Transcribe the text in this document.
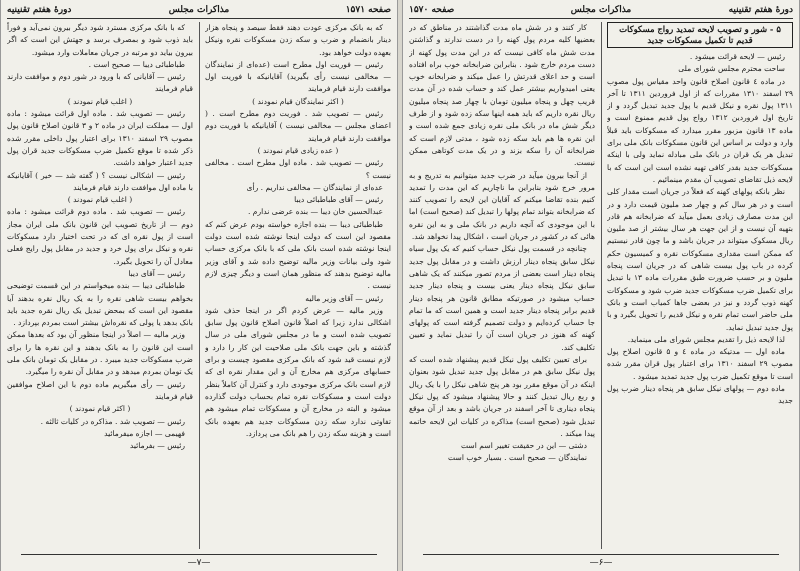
صفحه ۱۵۷۱
مذاکرات مجلس
دورهٔ هفتم تقنینیه

که به بانک مرکزی عودت دهند فقط سیصد و پنجاه هزار دینار بانضمام و ضرب و سکه زدن مسکوکات نقره ونیکل بعهده دولت خواهد بود.

رئیس — فوریت اول مطرح است (عده‌ای از نمایندگان — مخالفی نیست رأی بگیرید) آقایانیکه با فوریت اول موافقت دارند قیام فرمایند

( اکثر نمایندگان قیام نمودند )

رئیس — تصویب شد . فوریت دوم مطرح است . ( اعضای مجلس — مخالفی نیست ) آقایانیکه با فوریت دوم موافقت دارند قیام فرمایند

( عده زیادی قیام نمودند )

رئیس — تصویب شد . ماده اول مطرح است . مخالفی نیست ؟

عده‌ای از نمایندگان — مخالفی نداریم . رأی

رئیس — آقای طباطبائی دیبا

عبدالحسین خان دیبا — بنده عرضی ندارم .

طباطبائی دیبا — بنده اجازه خواسته بودم عرض کنم که مقصود این است که دولت اینجا نوشته شده است دولت اینجا نوشته شده است بانک ملی که با بانک مرکزی حساب شود ولی بیانات وزیر مالیه توضیح داده شد و آقای وزیر مالیه توضیح بدهند که منظور همان است و دیگر چیزی لازم نیست .

رئیس — آقای وزیر مالیه

وزیر مالیه — عرض کردم اگر در اینجا حذف شود اشکالی ندارد زیرا که اصلاً قانون اصلاح قانون پول سابق تصویب شده است و ما در مجلس شورای ملی در سال گذشته و باین جهت بانک ملی صلاحیت این کار را دارد و لازم نیست قید شود که بانک مرکزی مقصود چیست و برای حسابهای مرکزی هم مخارج آن و این مقدار نقره ای که لازم است بانک مرکزی موجودی دارد و کنترل آن کاملاً بنظر دولت است و مسکوکات نقره تمام بحساب دولت گذارده میشود و البته در مخارج آن و مسکوکات تمام میشود هم تفاوتی ندارد سکه زدن مسکوکات جدید هم بعهده بانک است و هزینه سکه زدن را هم بانک می پردازد.

که با بانک مرکزی مسترد شود دیگر بیرون نمی‌آید و فوراً باید ذوب شود و بمصرف برسد و جهتش این است که اگر بیرون بیاید دو مرتبه در جریان معاملات وارد میشود.

طباطبائی دیبا — صحیح است .

رئیس — آقایانی که با ورود در شور دوم و موافقت دارند قیام فرمایند

( اغلب قیام نمودند )

رئیس — تصویب شد . ماده اول قرائت میشود : ماده اول — مملکت ایران در ماده ۲ و ۳ قانون اصلاح قانون پول مصوب ۲۹ اسفند ۱۳۱۰ برای اعتبار پول داخلی مقرر شده ذکر شده تا موقع تکمیل ضرب مسکوکات جدید قران پول جدید اعتبار خواهد داشت.

رئیس — اشکالی نیست ؟ ( گفته شد — خیر ) آقایانیکه با ماده اول موافقت دارند قیام فرمایند

( اغلب قیام نمودند )

رئیس — تصویب شد . ماده دوم قرائت میشود : ماده دوم — از تاریخ تصویب این قانون بانک ملی ایران مجاز است از پول نقره ای که در تحت اختیار دارد مسکوکات نقره و نیکل برای پول خرد و جدید در مقابل پول رایج فعلی معادل آن را تحویل بگیرد.

رئیس — آقای دیبا

طباطبائی دیبا — بنده میخواستم در این قسمت توضیحی بخواهم بیست شاهی نقره را به یک ریال نقره بدهند آیا مقصود این است که بمحض تبدیل یک ریال نقره جدید باید بانک بدهد یا پولی که نقره‌اش بیشتر است بمردم بپردازد .

وزیر مالیه — اصلاً در اینجا منظور آن بود که بعدها ممکن است این قانون را به بانک بدهند و این نقره ها را برای ضرب مسکوکات جدید میبرد . در مقابل یک تومان بانک ملی یک تومان بمردم میدهد و در مقابل آن نقره را میگیرد.

رئیس — رأی میگیریم ماده دوم با این اصلاح موافقین قیام فرمایند

( اکثر قیام نمودند )

رئیس — تصویب شد . مذاکره در کلیات ثالثه .

فهیمی — اجازه میفرمائید

رئیس — بفرمائید

—۷—
دورهٔ هفتم تقنینیه
مذاکرات مجلس
صفحه ۱۵۷۰
۵ - شور و تصویب لایحه تمدید رواج مسکوکات قدیم تا تکمیل مسکوکات جدید

رئیس — لایحه قرائت میشود .

ساحت محترم مجلس شورای ملی

در ماده ٤ قانون اصلاح قانون واحد مقیاس پول مصوب ۲۹ اسفند ۱۳۱۰ مقررات که از اول فروردین ۱۳۱۱ تا آخر ۱۳۱۱ پول نقره و نیکل قدیم با پول جدید تبدیل گردد و از تاریخ اول فروردین ۱۳۱۲ رواج پول قدیم ممنوع است و ماده ۱۳ قانون مزبور مقرر میدارد که مسکوکات باید قبلاً وارد و دولت بر اساس این قانون مسکوکات بانک ملی برای تبدیل هر یک قران در بانک ملی مبادله نماید ولی با اینکه مسکوکات جدید بقدر کافی تهیه نشده است این است که با لایحه ذیل تقاضای تصویب آن مقدم مینمائیم .

نظر بانکه پولهای کهنه که فعلاً در جریان است مقدار کلی است و در هر سال کم و چهار صد ملیون قیمت دارد و در این مدت مصارف زیادی بعمل میآید که ضرابخانه هم قادر بتهیه آن نیست و از این جهت هر سال بیشتر از صد ملیون ریال مسکوک میتواند در جریان باشد و ما چون قادر نیستیم که ممکن است مقداری مسکوکات نقره و کمیسیون حکم کرده در باب پول بیست شاهی که در جریان است پنجاه ملیون و بر حسب ضرورت طبق مقررات ماده ۱۳ با تبدیل برای تکمیل ضرب مسکوکات جدید ضرب شود و مسکوکات کهنه ذوب گردد و نیز در بعضی جاها کمیاب است و بانک ملی حاضر است تمام نقره و نیکل قدیم را تحویل بگیرد و با پول جدید تبدیل نماید.

لذا لایحه ذیل را تقدیم مجلس شورای ملی مینماید.

ماده اول — مدتیکه در ماده ٤ و ۵ قانون اصلاح پول مصوب ۲۹ اسفند ۱۳۱۰ برای اعتبار پول قران مقرر شده است تا موقع تکمیل ضرب پول جدید تمدید میشود .

ماده دوم — پولهای نیکل سابق هر پنجاه دینار ضرب پول جدید

کار کنند و در شش ماه مدت گذاشتند در مناطق که در بعضیها کلیه مردم پول کهنه را در دست ندارند و گذاشتن مدت شش ماه کافی نیست که در این مدت پول کهنه از دست مردم خارج شود . بنابراین ضرابخانه خوب براه افتاده است و حد اعلای قدرتش را عمل میکند و ضرابخانه خوب یعنی امیدواریم بیشتر عمل کند و حساب شده در آن مدت قریب چهل و پنجاه میلیون تومان با چهار صد پنجاه میلیون ریال نقره داریم که باید همه اینها سکه زده شود و از طرف دیگر شش ماه در بانک ملی نقره زیادی جمع شده است و این نقره ها هم باید سکه زده شود ، مدتی لازم است که ضرابخانه آن را سکه بزند و در یک مدت کوتاهی ممکن نیست.

از آنجا بیرون میآید در ضرب جدید میتوانیم به تدریج و به مرور خرج شود بنابراین ما ناچاریم که این مدت را تمدید کنیم بنده تقاضا میکنم که آقایان این لایحه را تصویب کنند که ضرابخانه بتواند تمام پولها را تبدیل کند (صحیح است) اما با این موجودی که آنچه داریم در بانک ملی و به این نقره هائی که در کشور در جریان است ، اشکال پیدا نخواهد شد.

چنانچه در قسمت پول نیکل حساب کنیم که یک پول سیاه نیکل سابق پنجاه دینار ارزش داشت و در مقابل پول جدید پنجاه دینار است بعضی از مردم تصور میکنند که یک شاهی سابق نیکل پنجاه دینار یعنی بیست و پنجاه دینار جدید حساب میشود در صورتیکه مطابق قانون هر پنجاه دینار قدیم برابر پنجاه دینار جدید است و همین است که ما تمام جا حساب کرده‌ایم و دولت تصمیم گرفته است که پولهای کهنه که هنوز در جریان است آن را تبدیل نماید و تعیین تکلیف کند.

برای تعیین تکلیف پول نیکل قدیم پیشنهاد شده است که پول نیکل سابق هم در مقابل پول جدید تبدیل شود بعنوان اینکه در آن موقع مقرر بود هر پنج شاهی نیکل را با یک ریال و ربع ریال تبدیل کنند و حالا پیشنهاد میشود که پول نیکل پنجاه دیناری تا آخر اسفند در جریان باشد و بعد از آن موقع تبدیل شود (صحیح است) مذاکره در کلیات این لایحه خاتمه پیدا میکند .

دشتی — این در حقیقت تغییر اسم است

نمایندگان — صحیح است . بسیار خوب است

—۶—
